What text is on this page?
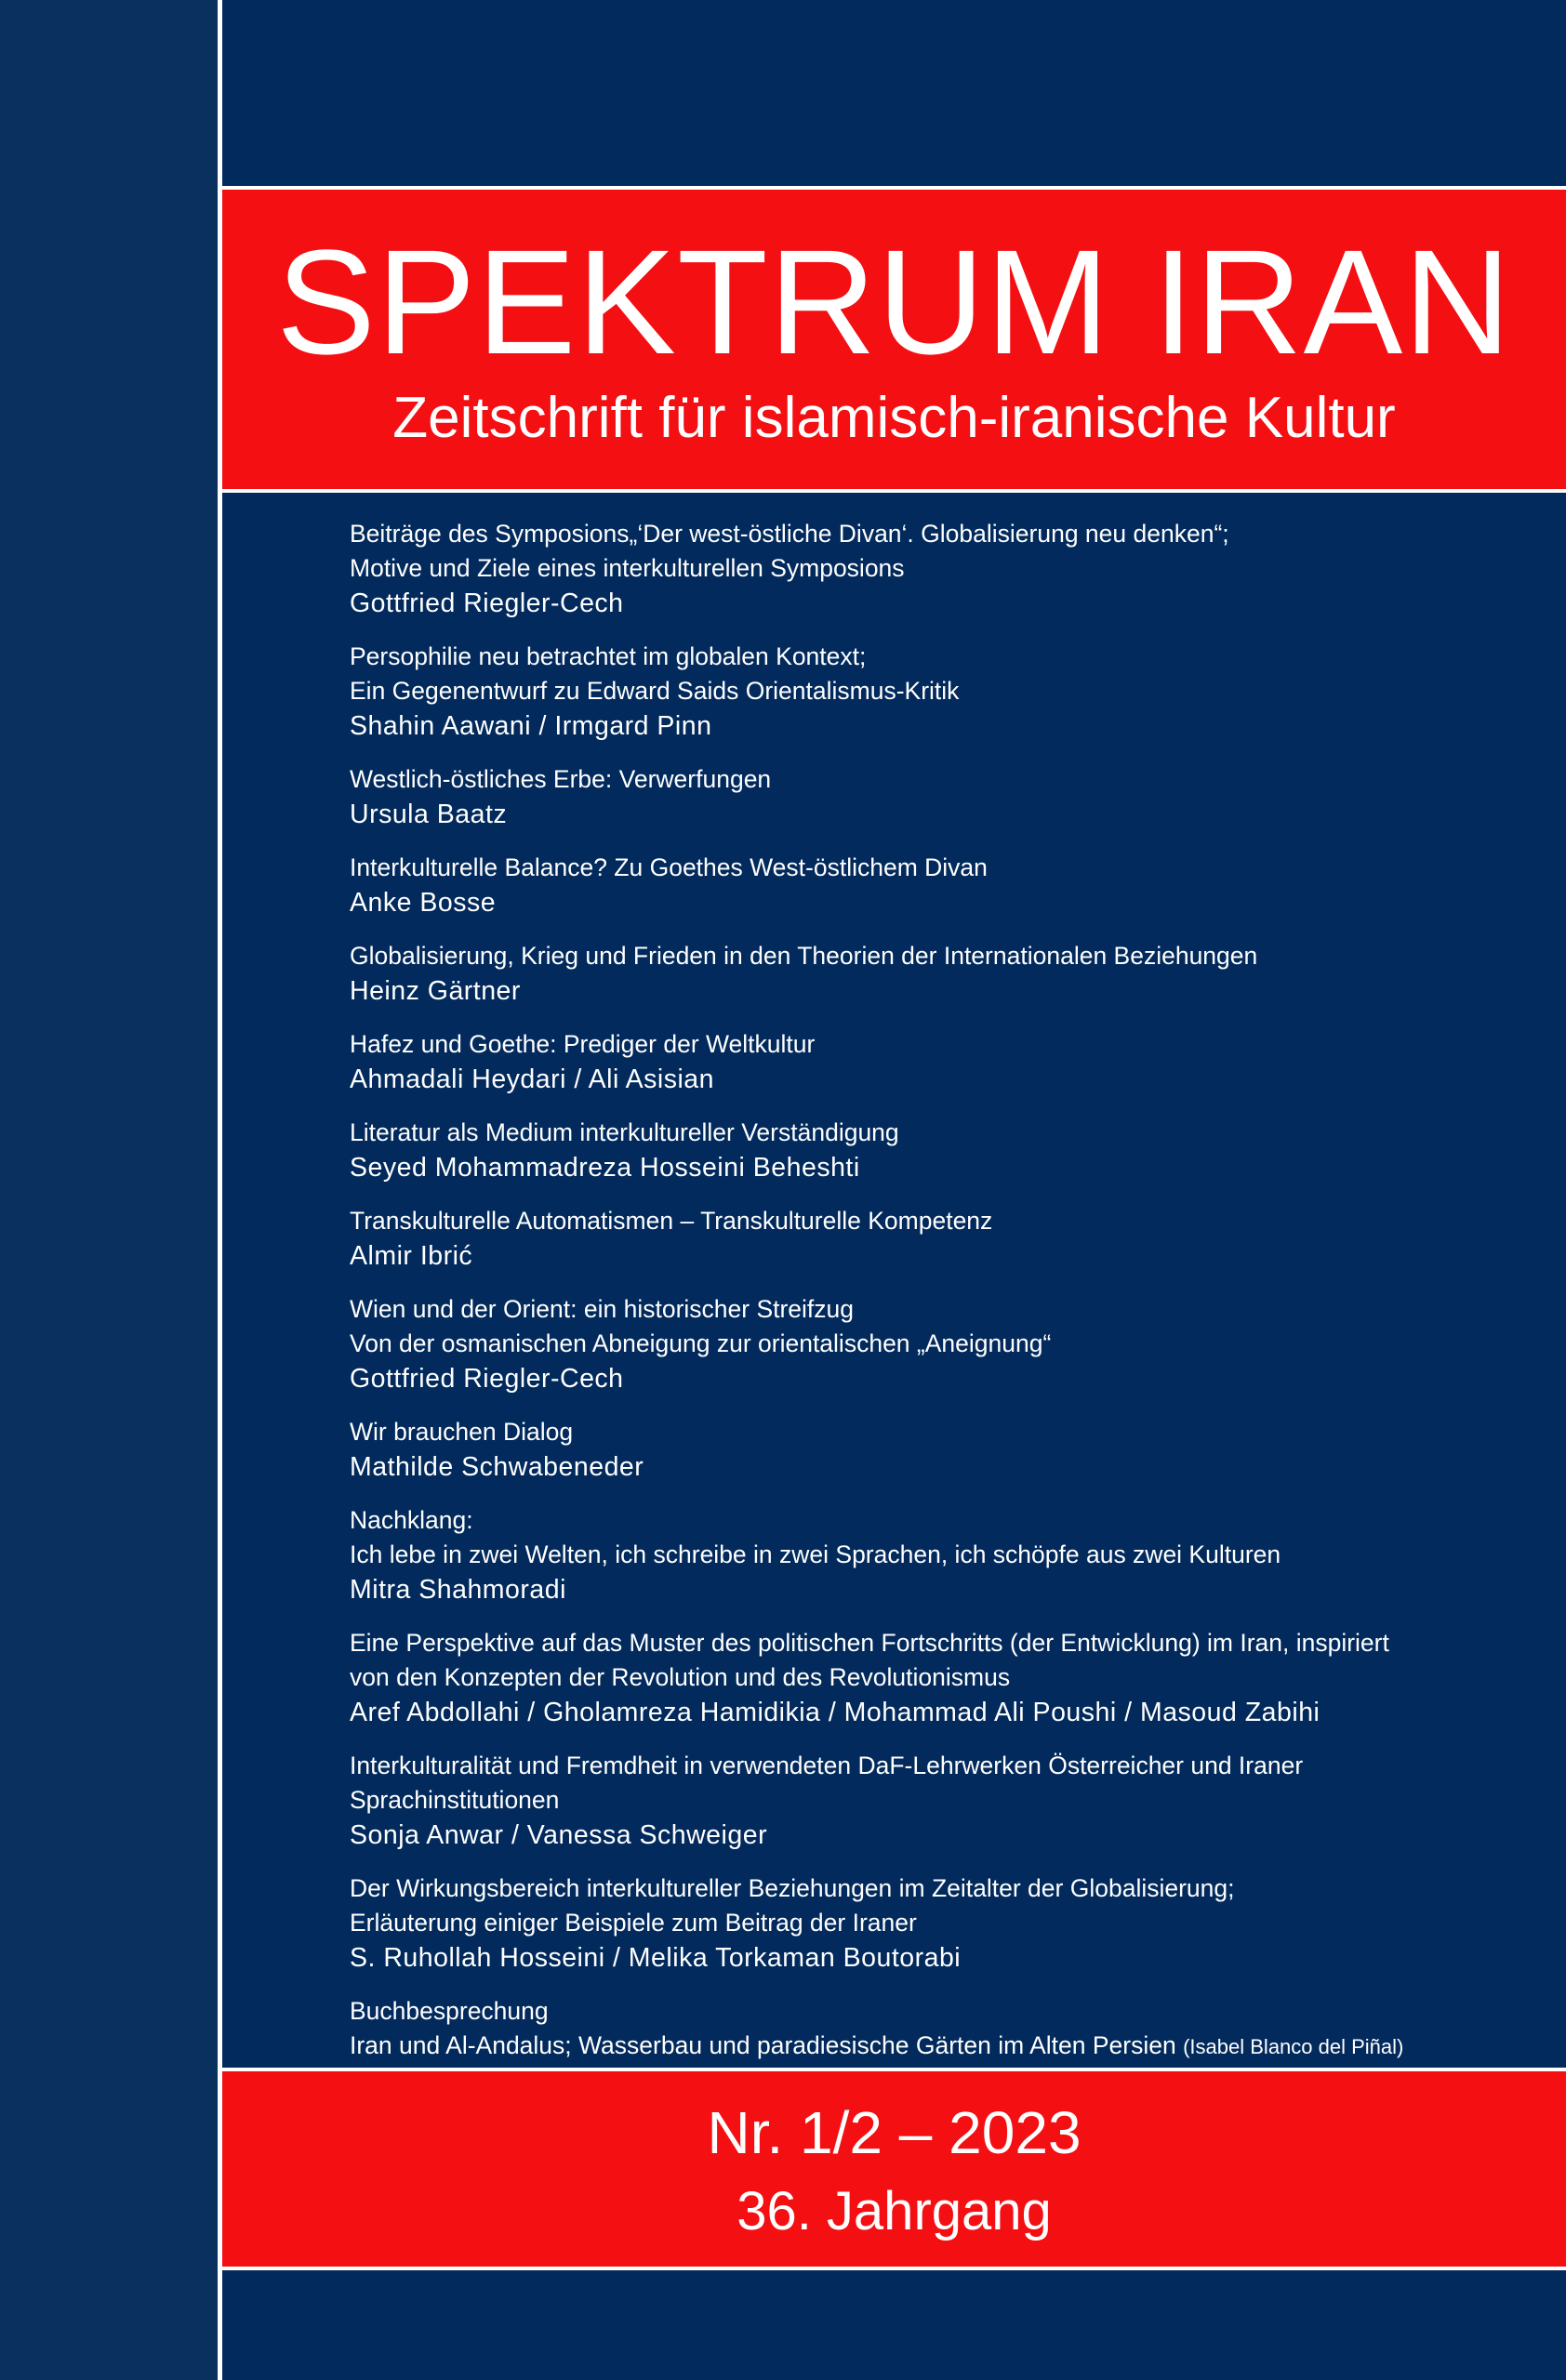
SPEKTRUM IRAN
Zeitschrift für islamisch-iranische Kultur
Beiträge des Symposions„‘Der west-östliche Divan‘. Globalisierung neu denken“;
Motive und Ziele eines interkulturellen Symposions
Gottfried Riegler-Cech
Persophilie neu betrachtet im globalen Kontext;
Ein Gegenentwurf zu Edward Saids Orientalismus-Kritik
Shahin Aawani / Irmgard Pinn
Westlich-östliches Erbe: Verwerfungen
Ursula Baatz
Interkulturelle Balance? Zu Goethes West-östlichem Divan
Anke Bosse
Globalisierung, Krieg und Frieden in den Theorien der Internationalen Beziehungen
Heinz Gärtner
Hafez und Goethe: Prediger der Weltkultur
Ahmadali Heydari / Ali Asisian
Literatur als Medium interkultureller Verständigung
Seyed Mohammadreza Hosseini Beheshti
Transkulturelle Automatismen – Transkulturelle Kompetenz
Almir Ibrić
Wien und der Orient: ein historischer Streifzug
Von der osmanischen Abneigung zur orientalischen „Aneignung“
Gottfried Riegler-Cech
Wir brauchen Dialog
Mathilde Schwabeneder
Nachklang:
Ich lebe in zwei Welten, ich schreibe in zwei Sprachen, ich schöpfe aus zwei Kulturen
Mitra Shahmoradi
Eine Perspektive auf das Muster des politischen Fortschritts (der Entwicklung) im Iran, inspiriert
von den Konzepten der Revolution und des Revolutionismus
Aref Abdollahi / Gholamreza Hamidikia / Mohammad Ali Poushi / Masoud Zabihi
Interkulturalität und Fremdheit in verwendeten DaF-Lehrwerken Österreicher und Iraner
Sprachinstitutionen
Sonja Anwar / Vanessa Schweiger
Der Wirkungsbereich interkultureller Beziehungen im Zeitalter der Globalisierung;
Erläuterung einiger Beispiele zum Beitrag der Iraner
S. Ruhollah Hosseini / Melika Torkaman Boutorabi
Buchbesprechung
Iran und Al-Andalus; Wasserbau und paradiesische Gärten im Alten Persien (Isabel Blanco del Piñal)
Nr. 1/2 – 2023
36. Jahrgang
